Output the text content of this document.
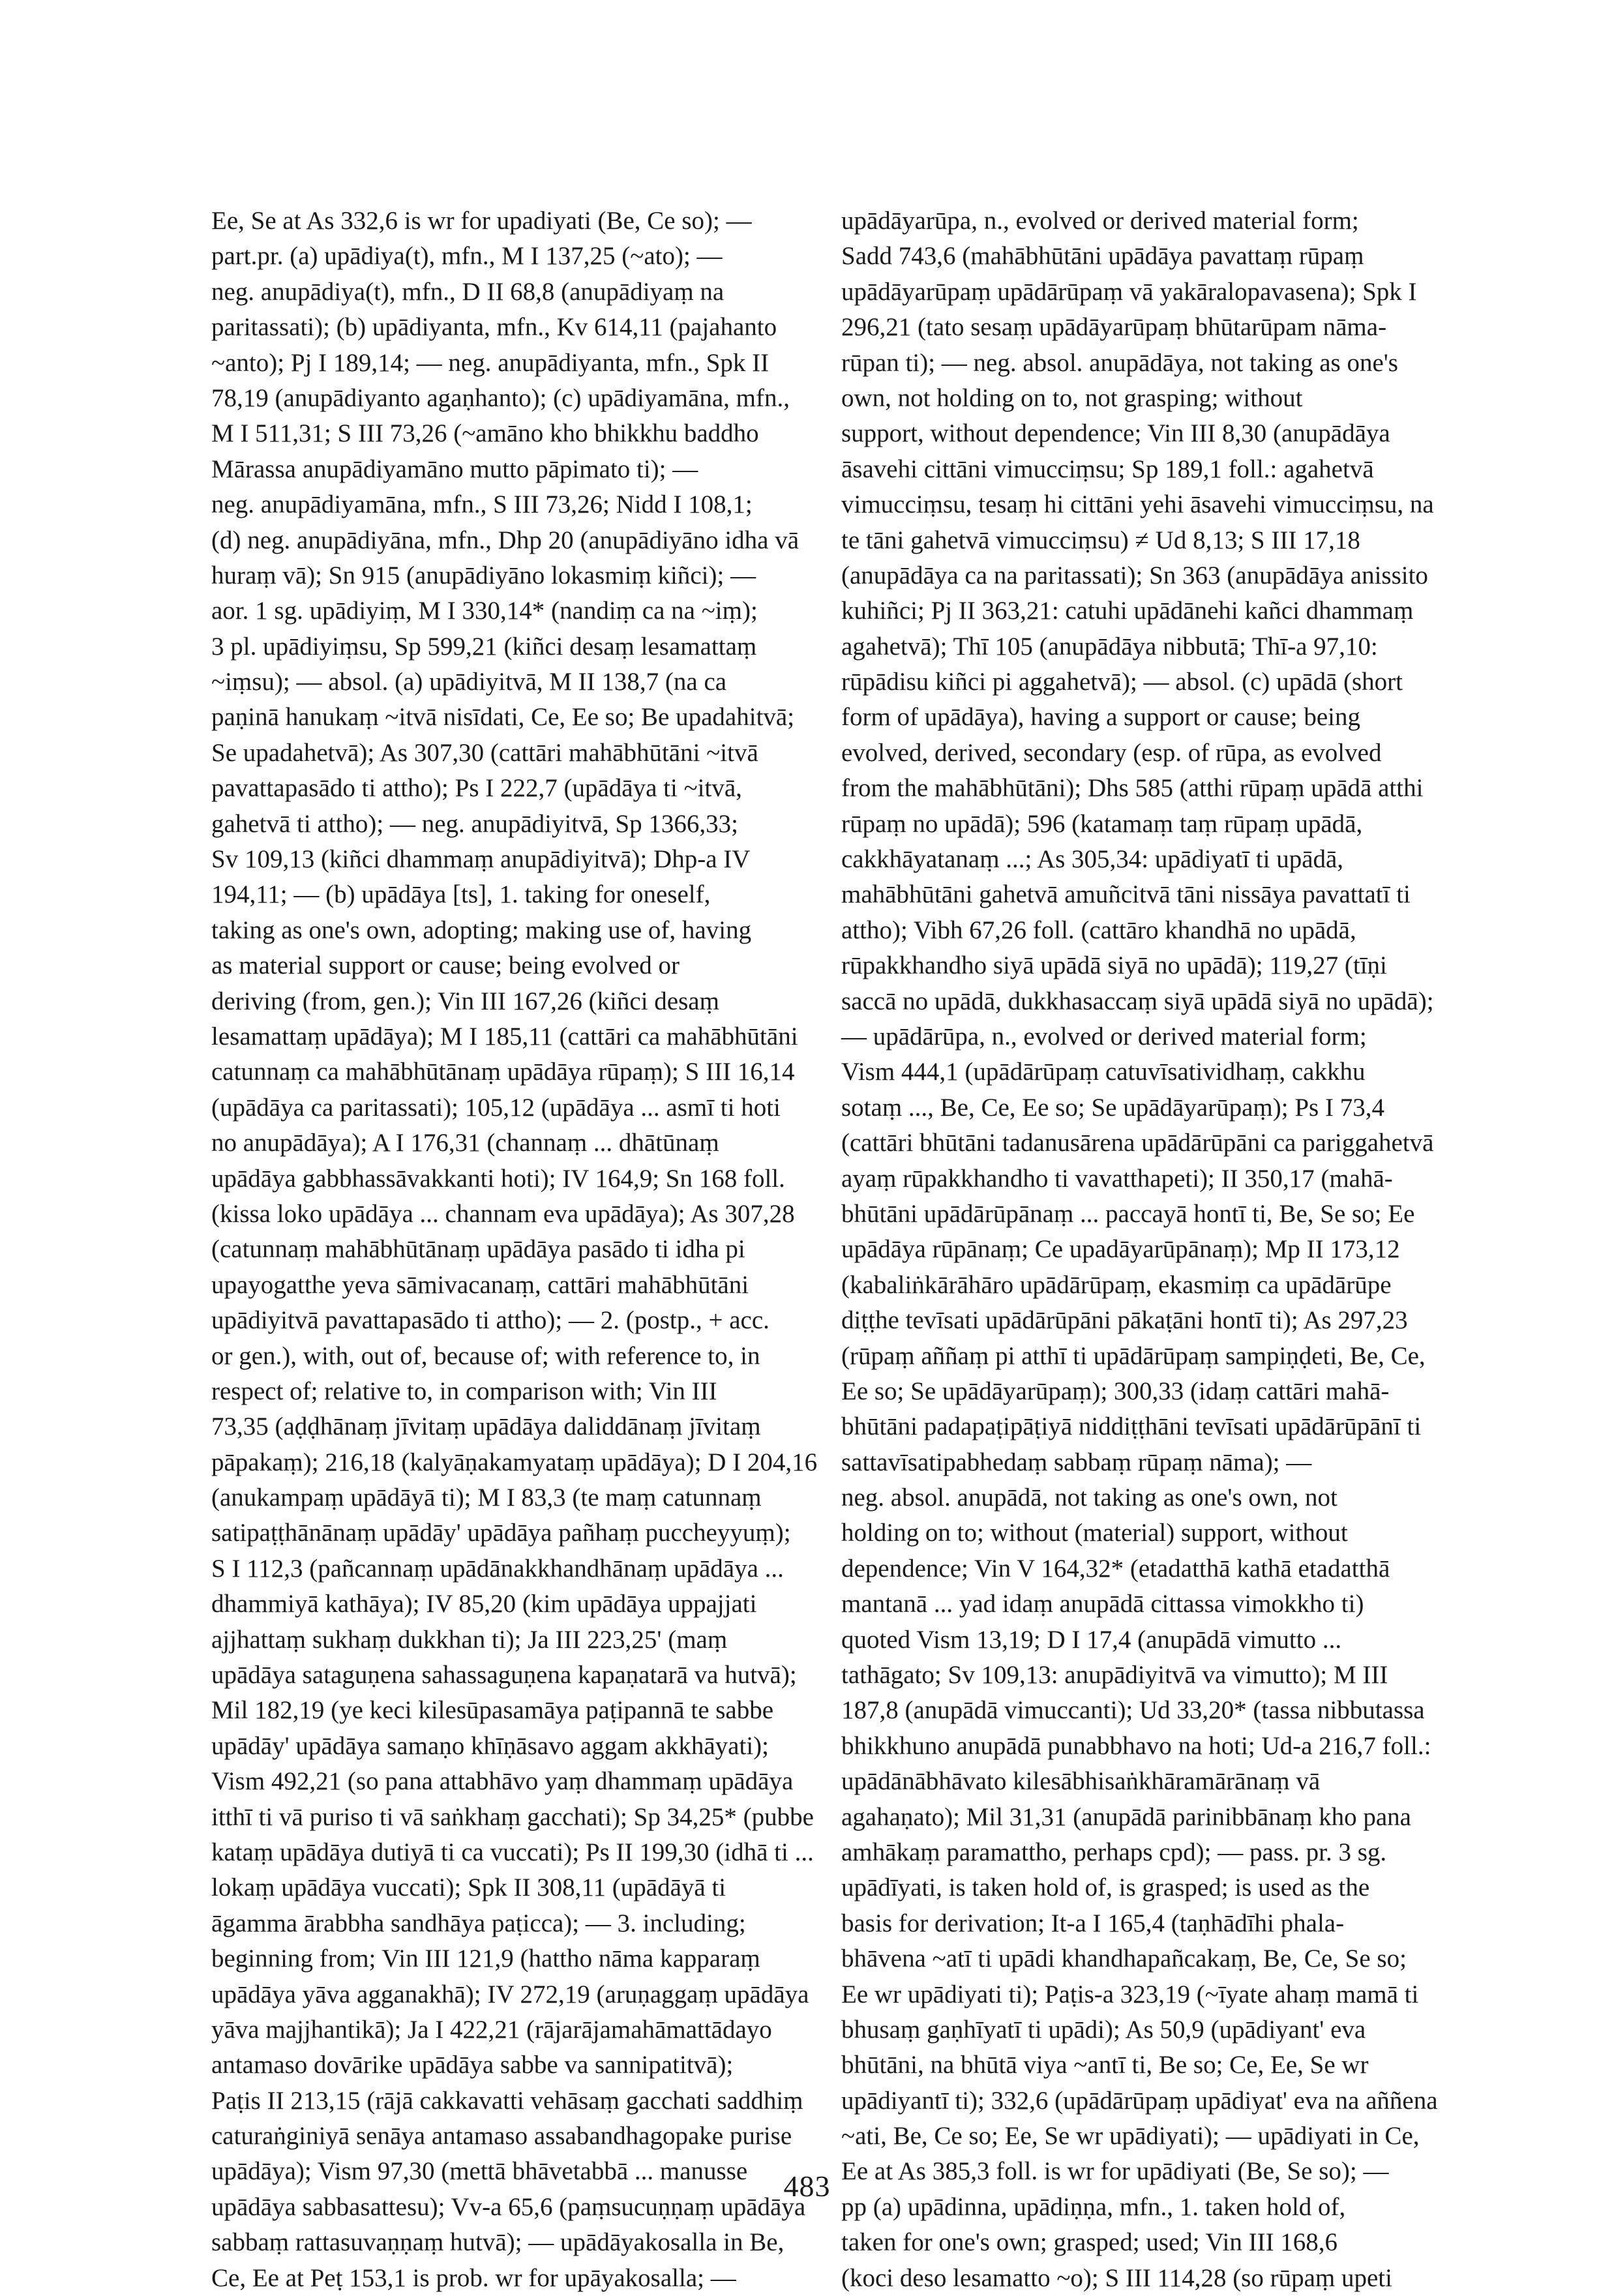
Ee, Se at As 332,6 is wr for upadiyati (Be, Ce so); —
part.pr. (a) upādiya(t), mfn., M I 137,25 (~ato); —
neg. anupādiya(t), mfn., D II 68,8 (anupādiyaṃ na
paritassati); (b) upādiyanta, mfn., Kv 614,11 (pajahanto
~anto); Pj I 189,14; — neg. anupādiyanta, mfn., Spk II
78,19 (anupādiyanto agaṇhanto); (c) upādiyamāna, mfn.,
M I 511,31; S III 73,26 (~amāno kho bhikkhu baddho
Mārassa anupādiyamāno mutto pāpimato ti); —
neg. anupādiyamāna, mfn., S III 73,26; Nidd I 108,1;
(d) neg. anupādiyāna, mfn., Dhp 20 (anupādiyāno idha vā
huraṃ vā); Sn 915 (anupādiyāno lokasmiṃ kiñci); —
aor. 1 sg. upādiyiṃ, M I 330,14* (nandiṃ ca na ~iṃ);
3 pl. upādiyiṃsu, Sp 599,21 (kiñci desaṃ lesamattaṃ
~iṃsu); — absol. (a) upādiyitvā, M II 138,7 (na ca
paṇinā hanukaṃ ~itvā nisīdati, Ce, Ee so; Be upadahitvā;
Se upadahetvā); As 307,30 (cattāri mahābhūtāni ~itvā
pavattapasādo ti attho); Ps I 222,7 (upādāya ti ~itvā,
gahetvā ti attho); — neg. anupādiyitvā, Sp 1366,33;
Sv 109,13 (kiñci dhammaṃ anupādiyitvā); Dhp-a IV
194,11; — (b) upādāya [ts], 1. taking for oneself,
taking as one's own, adopting; making use of, having
as material support or cause; being evolved or
deriving (from, gen.); Vin III 167,26 (kiñci desaṃ
lesamattaṃ upādāya); M I 185,11 (cattāri ca mahābhūtāni
catunnaṃ ca mahābhūtānaṃ upādāya rūpaṃ); S III 16,14
(upādāya ca paritassati); 105,12 (upādāya ... asmī ti hoti
no anupādāya); A I 176,31 (channaṃ ... dhātūnaṃ
upādāya gabbhassāvakkanti hoti); IV 164,9; Sn 168 foll.
(kissa loko upādāya ... channam eva upādāya); As 307,28
(catunnaṃ mahābhūtānaṃ upādāya pasādo ti idha pi
upayogatthe yeva sāmivacanaṃ, cattāri mahābhūtāni
upādiyitvā pavattapasādo ti attho); — 2. (postp., + acc.
or gen.), with, out of, because of; with reference to, in
respect of; relative to, in comparison with; Vin III
73,35 (aḍḍhānaṃ jīvitaṃ upādāya daliddānaṃ jīvitaṃ
pāpakaṃ); 216,18 (kalyāṇakamyataṃ upādāya); D I 204,16
(anukampaṃ upādāyā ti); M I 83,3 (te maṃ catunnaṃ
satipaṭṭhānānaṃ upādāy' upādāya pañhaṃ puccheyyuṃ);
S I 112,3 (pañcannaṃ upādānakkhandhānaṃ upādāya ...
dhammiyā kathāya); IV 85,20 (kim upādāya uppajjati
ajjhattaṃ sukhaṃ dukkhan ti); Ja III 223,25' (maṃ
upādāya sataguṇena sahassaguṇena kapaṇatarā va hutvā);
Mil 182,19 (ye keci kilesūpasamāya paṭipannā te sabbe
upādāy' upādāya samaṇo khīṇāsavo aggam akkhāyati);
Vism 492,21 (so pana attabhāvo yaṃ dhammaṃ upādāya
itthī ti vā puriso ti vā saṅkhaṃ gacchati); Sp 34,25* (pubbe
kataṃ upādāya dutiyā ti ca vuccati); Ps II 199,30 (idhā ti ...
lokaṃ upādāya vuccati); Spk II 308,11 (upādāyā ti
āgamma ārabbha sandhāya paṭicca); — 3. including;
beginning from; Vin III 121,9 (hattho nāma kapparaṃ
upādāya yāva agganakhā); IV 272,19 (aruṇaggaṃ upādāya
yāva majjhantikā); Ja I 422,21 (rājarājamahāmattādayo
antamaso dovārike upādāya sabbe va sannipatitvā);
Paṭis II 213,15 (rājā cakkavatti vehāsaṃ gacchati saddhiṃ
caturaṅginiyā senāya antamaso assabandhagopake purise
upādāya); Vism 97,30 (mettā bhāvetabbā ... manusse
upādāya sabbasattesu); Vv-a 65,6 (paṃsucuṇṇaṃ upādāya
sabbaṃ rattasuvaṇṇaṃ hutvā); — upādāyakosalla in Be,
Ce, Ee at Peṭ 153,1 is prob. wr for upāyakosalla; —
upādāyarūpa, n., evolved or derived material form;
Sadd 743,6 (mahābhūtāni upādāya pavattaṃ rūpaṃ
upādāyarūpaṃ upādārūpaṃ vā yakāralopavasena); Spk I
296,21 (tato sesaṃ upādāyarūpaṃ bhūtarūpam nāma-
rūpan ti); — neg. absol. anupādāya, not taking as one's
own, not holding on to, not grasping; without
support, without dependence; Vin III 8,30 (anupādāya
āsavehi cittāni vimucciṃsu; Sp 189,1 foll.: agahetvā
vimucciṃsu, tesaṃ hi cittāni yehi āsavehi vimucciṃsu, na
te tāni gahetvā vimucciṃsu) ≠ Ud 8,13; S III 17,18
(anupādāya ca na paritassati); Sn 363 (anupādāya anissito
kuhiñci; Pj II 363,21: catuhi upādānehi kañci dhammaṃ
agahetvā); Thī 105 (anupādāya nibbutā; Thī-a 97,10:
rūpādisu kiñci pi aggahetvā); — absol. (c) upādā (short
form of upādāya), having a support or cause; being
evolved, derived, secondary (esp. of rūpa, as evolved
from the mahābhūtāni); Dhs 585 (atthi rūpaṃ upādā atthi
rūpaṃ no upādā); 596 (katamaṃ taṃ rūpaṃ upādā,
cakkhāyatanaṃ ...; As 305,34: upādiyatī ti upādā,
mahābhūtāni gahetvā amuñcitvā tāni nissāya pavattatī ti
attho); Vibh 67,26 foll. (cattāro khandhā no upādā,
rūpakkhandho siyā upādā siyā no upādā); 119,27 (tīṇi
saccā no upādā, dukkhasaccaṃ siyā upādā siyā no upādā);
— upādārūpa, n., evolved or derived material form;
Vism 444,1 (upādārūpaṃ catuvīsatividhaṃ, cakkhu
sotaṃ ..., Be, Ce, Ee so; Se upādāyarūpaṃ); Ps I 73,4
(cattāri bhūtāni tadanusārena upādārūpāni ca pariggahetvā
ayaṃ rūpakkhandho ti vavatthapeti); II 350,17 (mahā-
bhūtāni upādārūpānaṃ ... paccayā hontī ti, Be, Se so; Ee
upādāya rūpānaṃ; Ce upadāyarūpānaṃ); Mp II 173,12
(kabaliṅkārāhāro upādārūpaṃ, ekasmiṃ ca upādārūpe
diṭṭhe tevīsati upādārūpāni pākaṭāni hontī ti); As 297,23
(rūpaṃ aññaṃ pi atthī ti upādārūpaṃ sampiṇḍeti, Be, Ce,
Ee so; Se upādāyarūpaṃ); 300,33 (idaṃ cattāri mahā-
bhūtāni padapaṭipāṭiyā niddiṭṭhāni tevīsati upādārūpānī ti
sattavīsatipabhedaṃ sabbaṃ rūpaṃ nāma); —
neg. absol. anupādā, not taking as one's own, not
holding on to; without (material) support, without
dependence; Vin V 164,32* (etadatthā kathā etadatthā
mantanā ... yad idaṃ anupādā cittassa vimokkho ti)
quoted Vism 13,19; D I 17,4 (anupādā vimutto ...
tathāgato; Sv 109,13: anupādiyitvā va vimutto); M III
187,8 (anupādā vimuccanti); Ud 33,20* (tassa nibbutassa
bhikkhuno anupādā punabbhavo na hoti; Ud-a 216,7 foll.:
upādānābhāvato kilesābhisaṅkhāramārānaṃ vā
agahaṇato); Mil 31,31 (anupādā parinibbānaṃ kho pana
amhākaṃ paramattho, perhaps cpd); — pass. pr. 3 sg.
upādīyati, is taken hold of, is grasped; is used as the
basis for derivation; It-a I 165,4 (taṇhādīhi phala-
bhāvena ~atī ti upādi khandhapañcakaṃ, Be, Ce, Se so;
Ee wr upādiyati ti); Paṭis-a 323,19 (~īyate ahaṃ mamā ti
bhusaṃ gaṇhīyatī ti upādi); As 50,9 (upādiyant' eva
bhūtāni, na bhūtā viya ~antī ti, Be so; Ce, Ee, Se wr
upādiyantī ti); 332,6 (upādārūpaṃ upādiyat' eva na aññena
~ati, Be, Ce so; Ee, Se wr upādiyati); — upādiyati in Ce,
Ee at As 385,3 foll. is wr for upādiyati (Be, Se so); —
pp (a) upādinna, upādiṇṇa, mfn., 1. taken hold of,
taken for one's own; grasped; used; Vin III 168,6
(koci deso lesamatto ~o); S III 114,28 (so rūpaṃ upeti
483
